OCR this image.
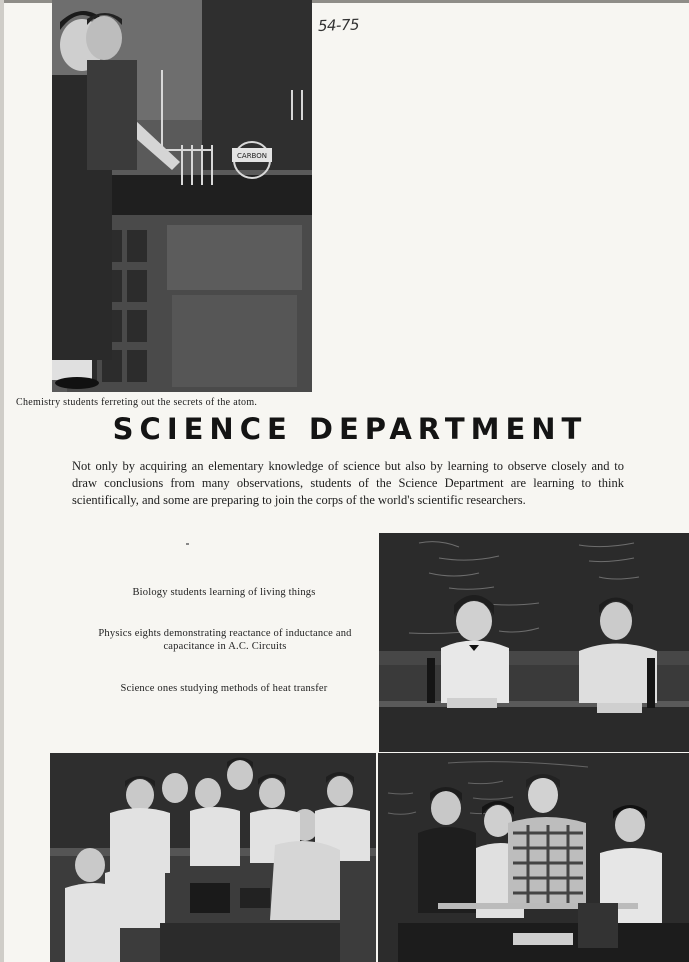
CARBON
54-75
Chemistry students ferreting out the secrets of the atom.
SCIENCE DEPARTMENT
Not only by acquiring an elementary knowledge of science but also by learning to observe closely and to draw conclusions from many observations, students of the Science Department are learning to think scientifically, and some are preparing to join the corps of the world's scientific researchers.
Biology students learning of living things
Physics eights demonstrating reactance of inductance and capacitance in A.C. Circuits
Science ones studying methods of heat transfer
